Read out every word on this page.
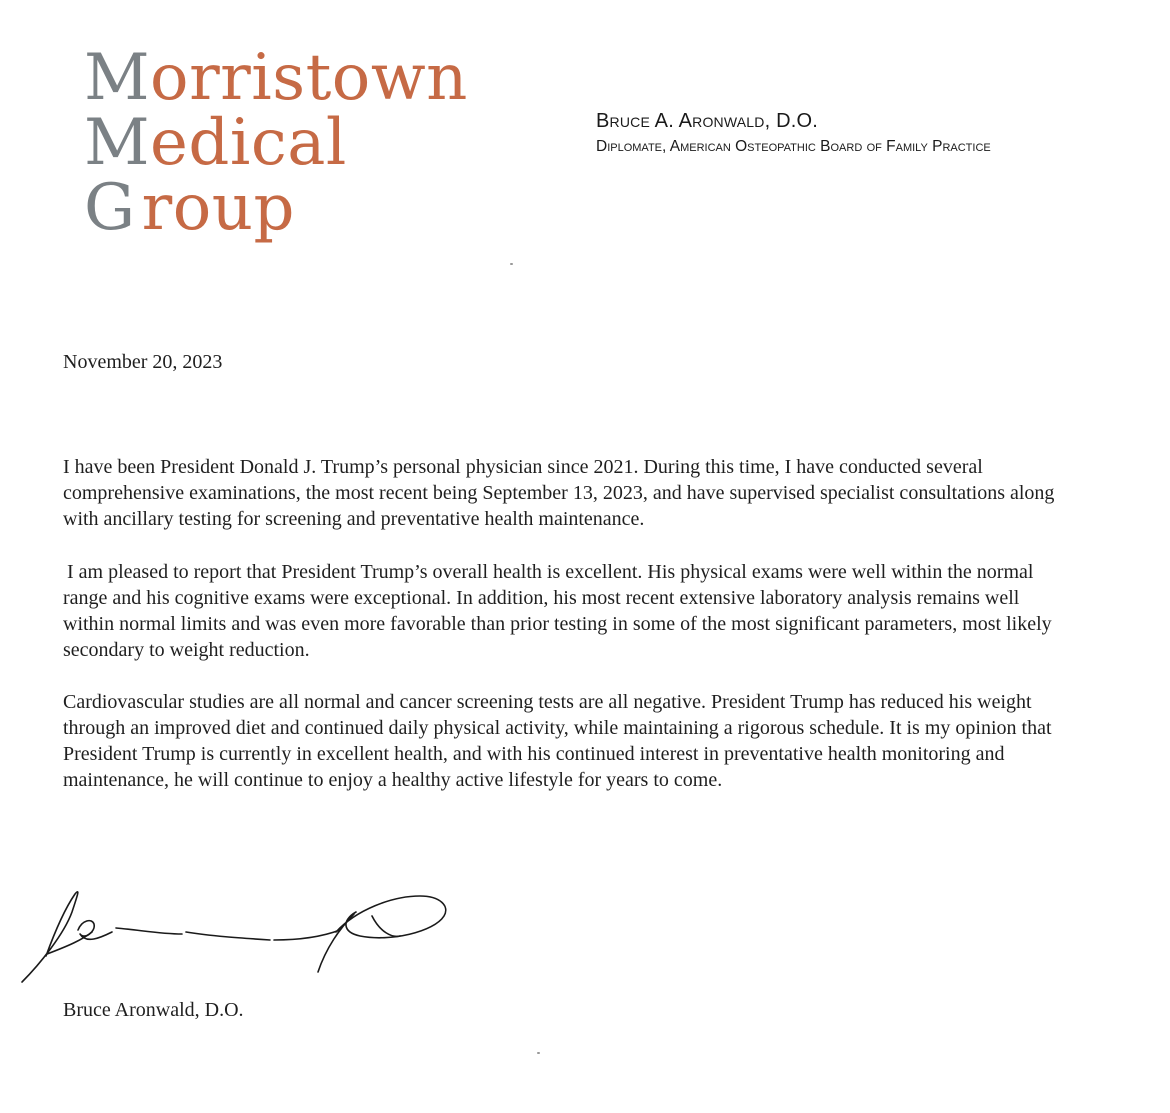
Morristown
Medical
Group
Bruce A. Aronwald, D.O.
Diplomate, American Osteopathic Board of Family Practice
November 20, 2023

I have been President Donald J. Trump’s personal physician since 2021. During this time, I have conducted several comprehensive examinations, the most recent being September 13, 2023, and have supervised specialist consultations along with ancillary testing for screening and preventative health maintenance.

I am pleased to report that President Trump’s overall health is excellent. His physical exams were well within the normal range and his cognitive exams were exceptional. In addition, his most recent extensive laboratory analysis remains well within normal limits and was even more favorable than prior testing in some of the most significant parameters, most likely secondary to weight reduction.

Cardiovascular studies are all normal and cancer screening tests are all negative. President Trump has reduced his weight through an improved diet and continued daily physical activity, while maintaining a rigorous schedule. It is my opinion that President Trump is currently in excellent health, and with his continued interest in preventative health monitoring and maintenance, he will continue to enjoy a healthy active lifestyle for years to come.

Bruce Aronwald, D.O.
